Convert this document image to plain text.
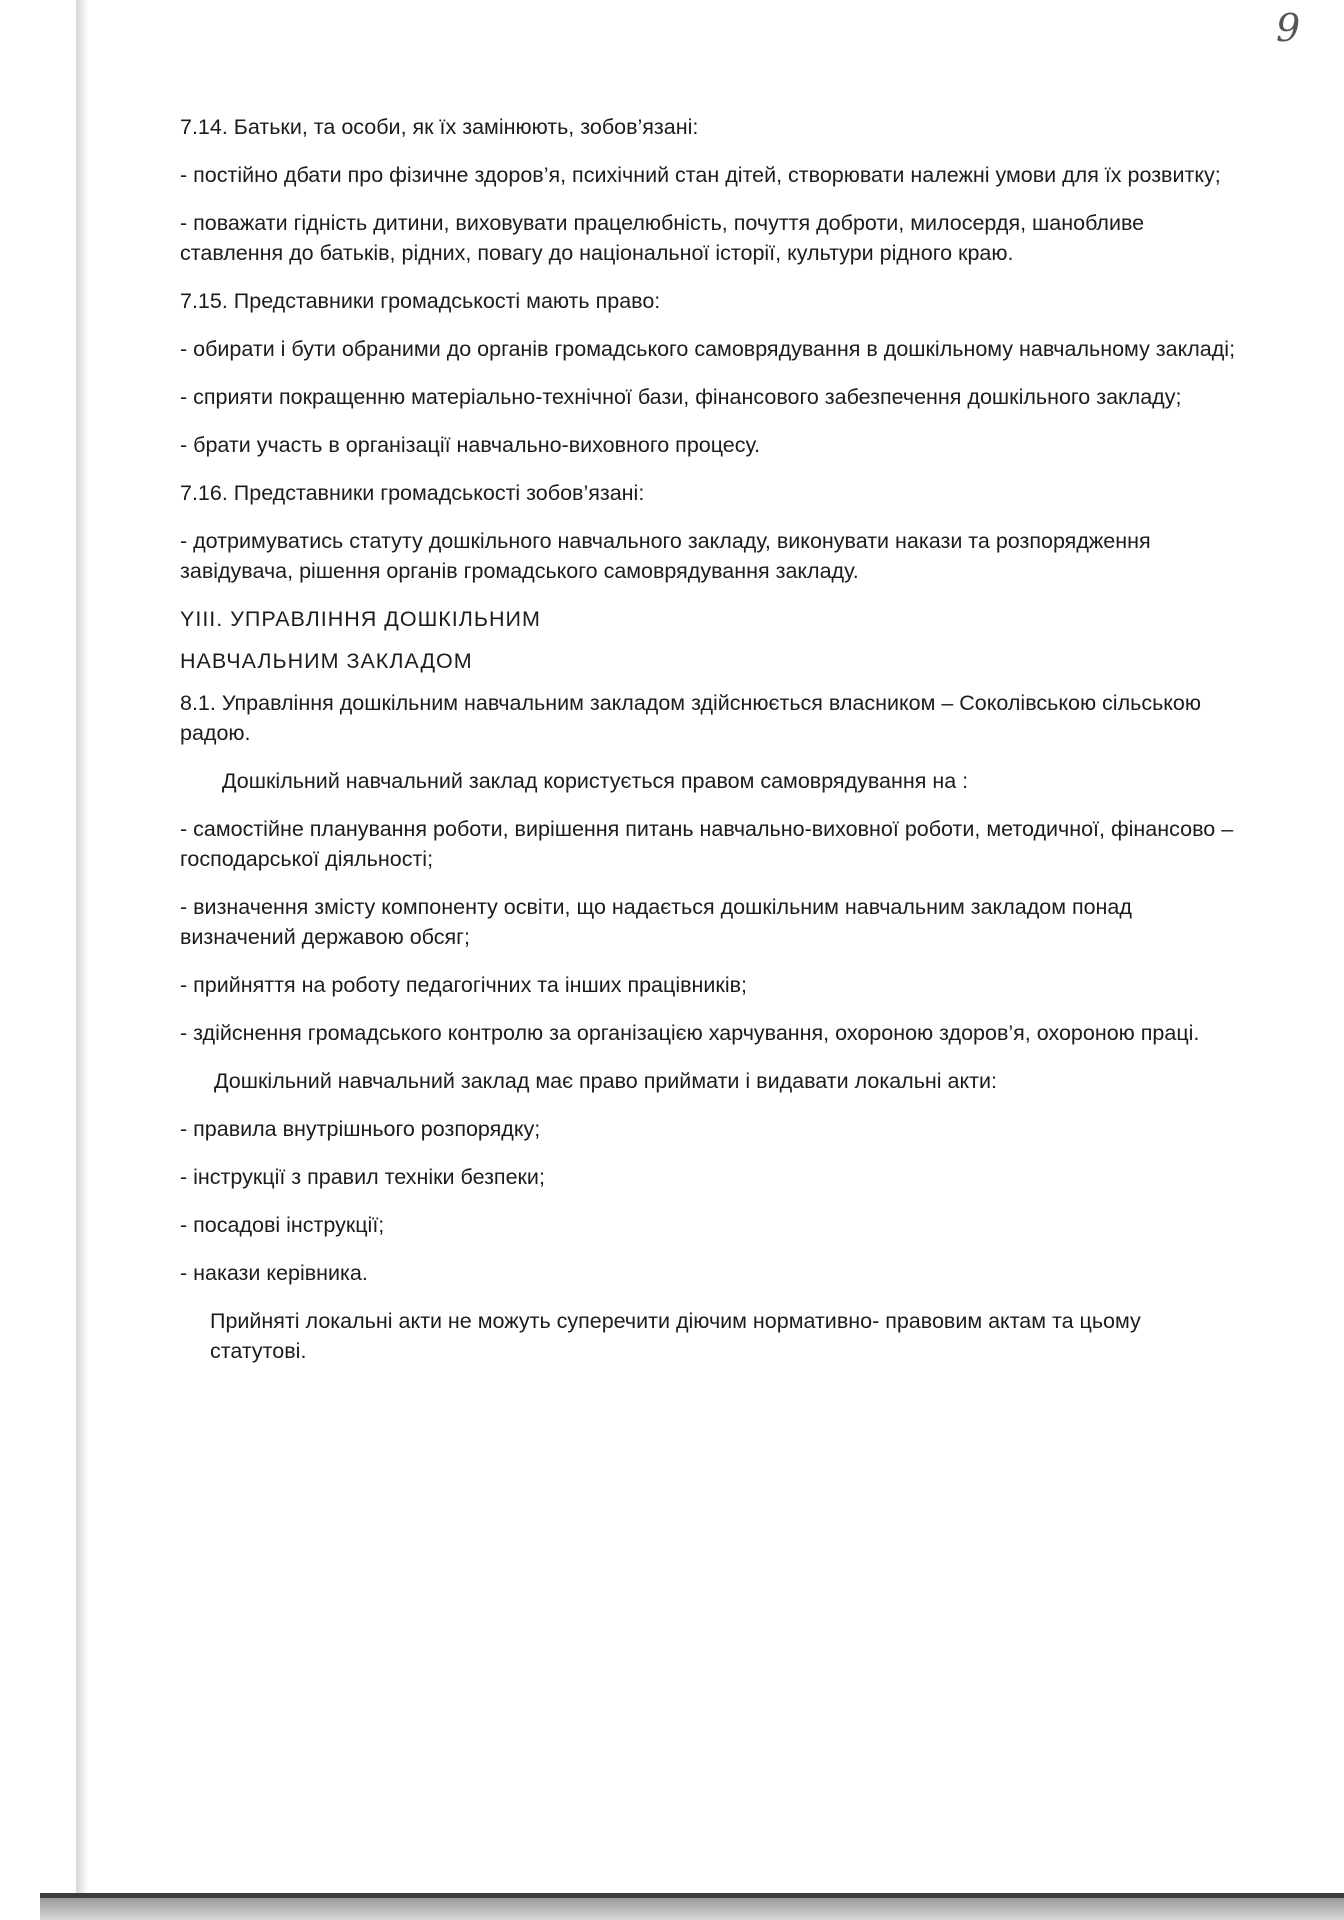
9

7.14. Батьки, та особи, як їх замінюють, зобов’язані:

- постійно дбати про фізичне здоров’я, психічний стан дітей, створювати належні умови для їх розвитку;

- поважати гідність дитини, виховувати працелюбність, почуття доброти, милосердя, шанобливе ставлення до батьків, рідних, повагу до національної історії, культури рідного краю.

7.15. Представники громадськості мають право:

- обирати і бути обраними до органів громадського самоврядування в дошкільному навчальному закладі;

- сприяти покращенню матеріально-технічної бази, фінансового забезпечення дошкільного закладу;

- брати участь в організації навчально-виховного процесу.

7.16. Представники громадськості зобов’язані:

- дотримуватись статуту дошкільного навчального закладу, виконувати накази та розпорядження завідувача, рішення органів громадського самоврядування закладу.

YIII. УПРАВЛІННЯ ДОШКІЛЬНИМ

НАВЧАЛЬНИМ ЗАКЛАДОМ

8.1. Управління дошкільним навчальним закладом здійснюється власником – Соколівською сільською радою.

Дошкільний навчальний заклад користується правом самоврядування на :

- самостійне планування роботи, вирішення питань навчально-виховної роботи, методичної, фінансово – господарської діяльності;

- визначення змісту компоненту освіти, що надається дошкільним навчальним закладом понад визначений державою обсяг;

- прийняття на роботу педагогічних та інших працівників;

- здійснення громадського контролю за організацією харчування, охороною здоров’я, охороною праці.

Дошкільний навчальний заклад має право приймати і видавати локальні акти:

- правила внутрішнього розпорядку;

- інструкції з правил техніки безпеки;

- посадові інструкції;

- накази керівника.

Прийняті локальні акти не можуть суперечити діючим нормативно- правовим актам та цьому статутові.
